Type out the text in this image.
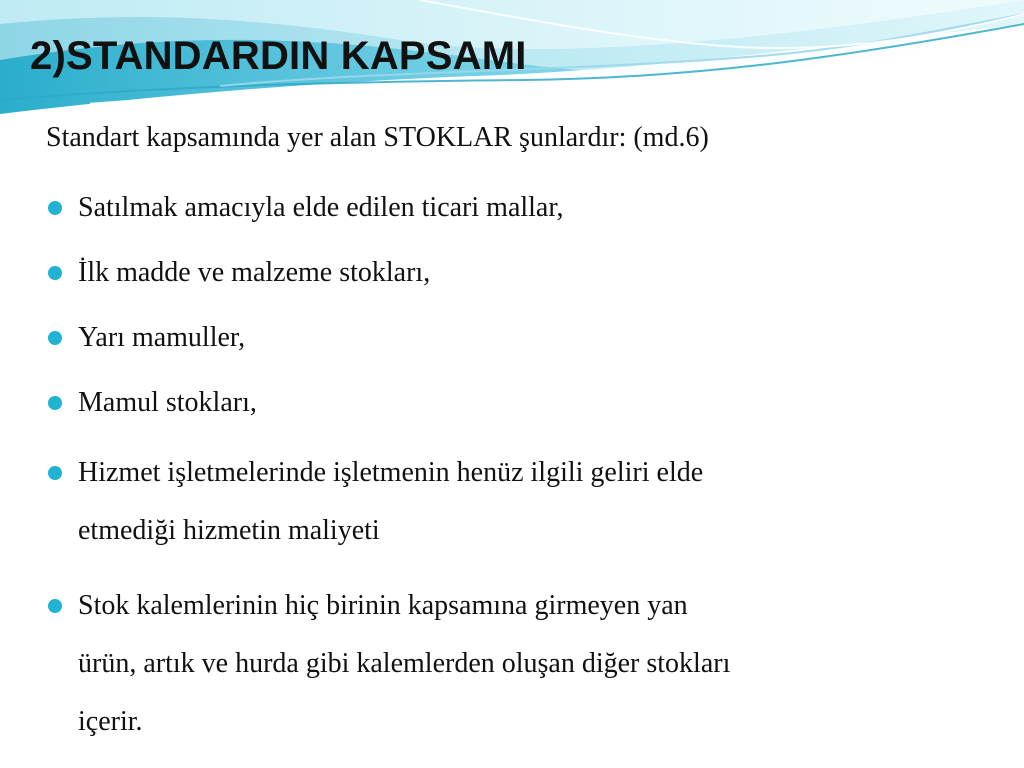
2)STANDARDIN KAPSAMI

Standart kapsamında yer alan STOKLAR şunlardır: (md.6)

Satılmak amacıyla elde edilen ticari mallar,
İlk madde ve malzeme stokları,
Yarı mamuller,
Mamul stokları,
Hizmet işletmelerinde işletmenin henüz ilgili geliri elde
etmediği hizmetin maliyeti
Stok kalemlerinin hiç birinin kapsamına girmeyen yan
ürün, artık ve hurda gibi kalemlerden oluşan diğer stokları
içerir.
